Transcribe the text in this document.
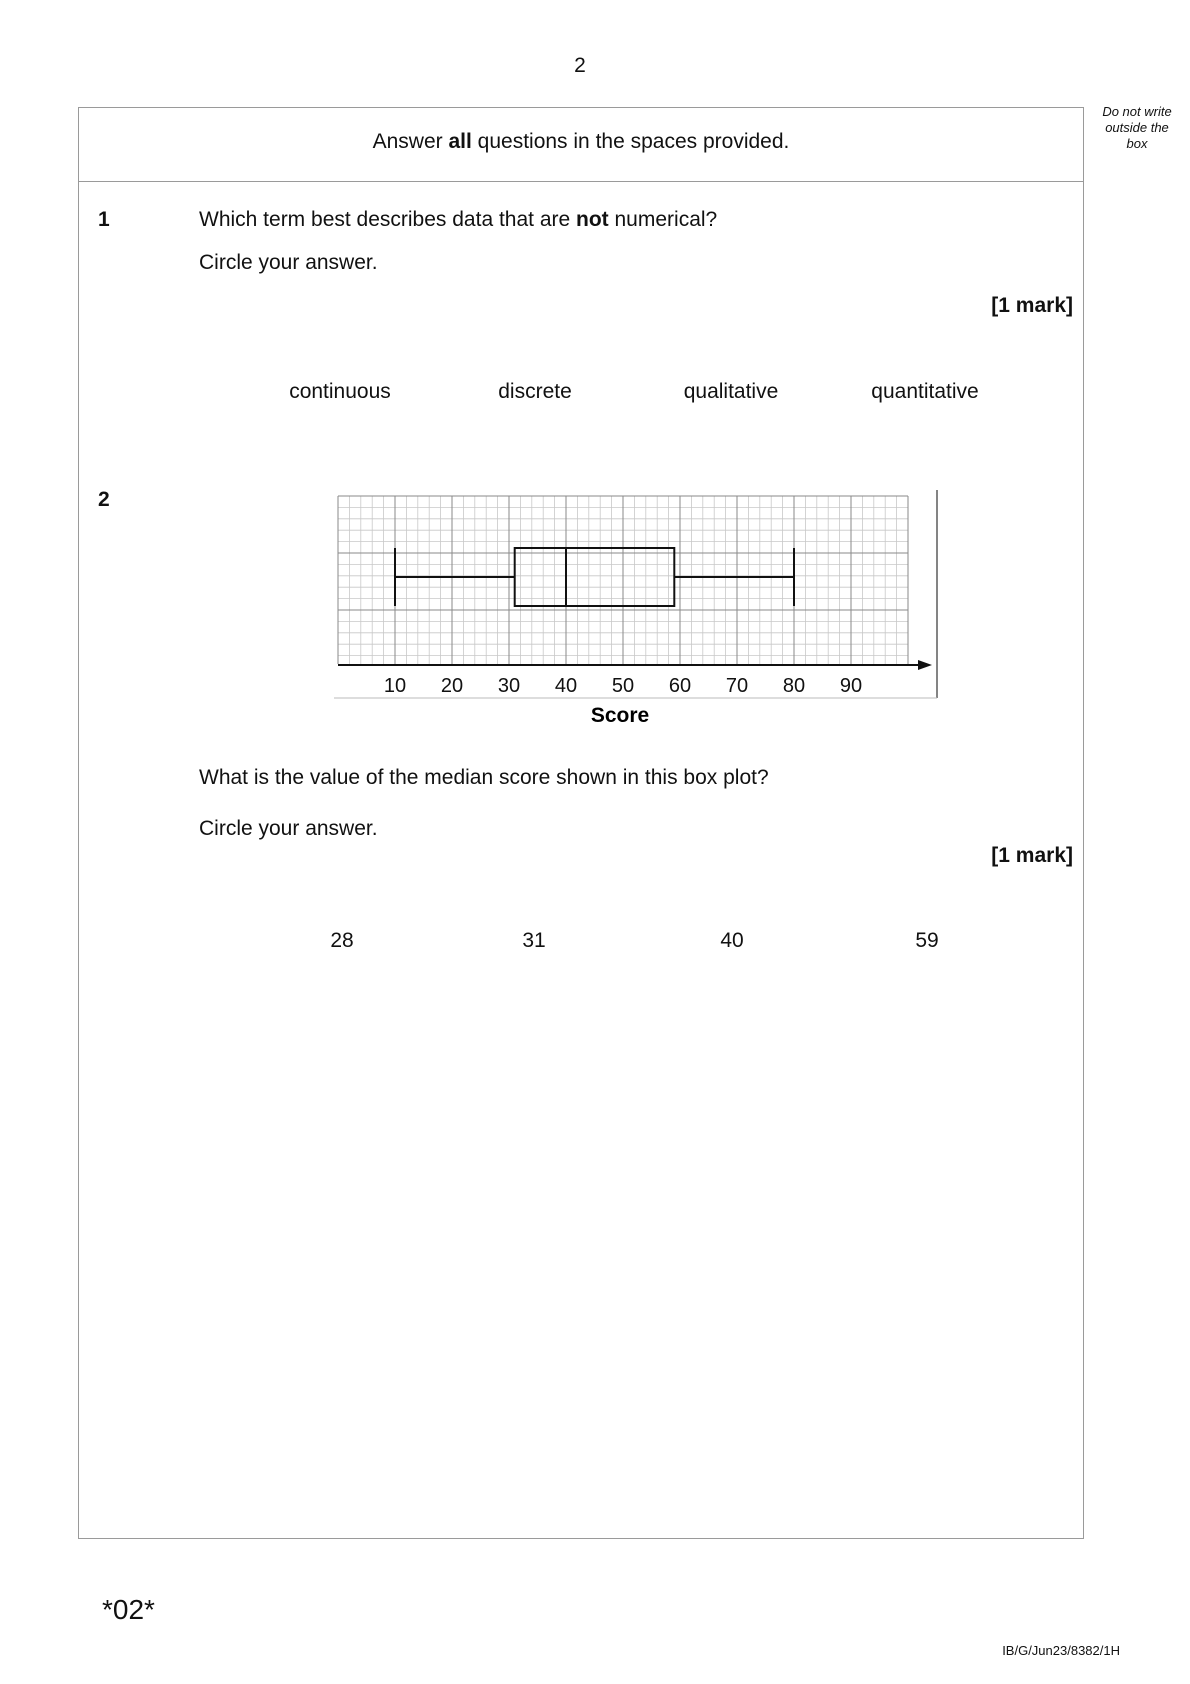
2
Do not write
outside the
box
Answer all questions in the spaces provided.
1	Which term best describes data that are not numerical?
Circle your answer.
[1 mark]
continuous	discrete	qualitative	quantitative
2
10 20 30 40 50 60 70 80 90
Score
What is the value of the median score shown in this box plot?
Circle your answer.
[1 mark]
28	31	40	59
*02*
IB/G/Jun23/8382/1H
